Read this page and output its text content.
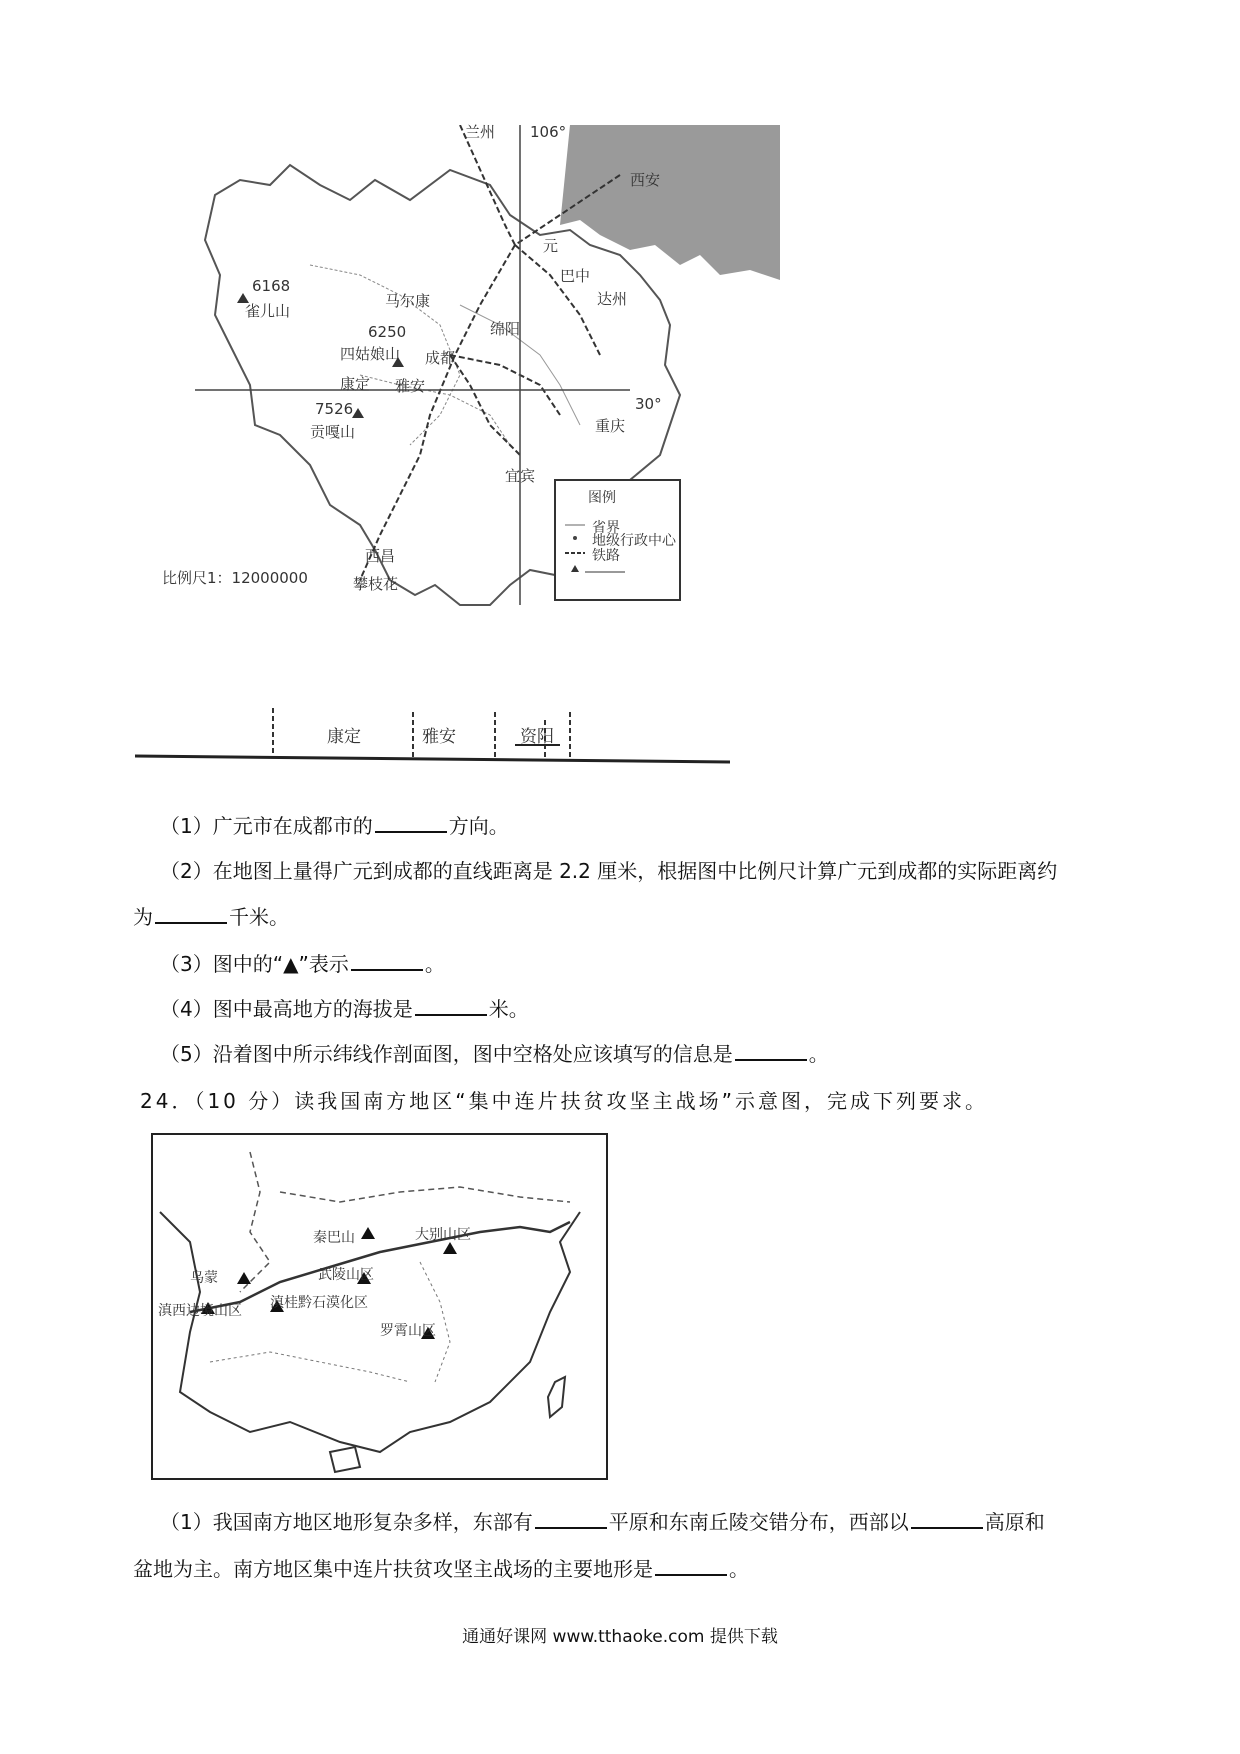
兰州 106°
西安
6168
雀儿山
马尔康
6250
四姑娘山 成都
康定 雅安
7526
贡嘎山
30°
重庆
西昌
攀枝花
元
巴中
达州
绵阳
宜宾
比例尺1：12000000
图例
省界
地级行政中心
铁路
康定	雅安	资阳
（1）广元市在成都市的	方向。
（2）在地图上量得广元到成都的直线距离是 2.2 厘米，根据图中比例尺计算广元到成都的实际距离约
为	千米。
（3）图中的“▲”表示	。
（4）图中最高地方的海拔是	米。
（5）沿着图中所示纬线作剖面图，图中空格处应该填写的信息是	。
24．（10 分）读我国南方地区“集中连片扶贫攻坚主战场”示意图，完成下列要求。
秦巴山	大别山区
武陵山区
乌蒙
滇桂黔石漠化区
滇西边境山区
罗霄山区
（1）我国南方地区地形复杂多样，东部有	平原和东南丘陵交错分布，西部以	高原和
盆地为主。南方地区集中连片扶贫攻坚主战场的主要地形是	。
通通好课网 www.tthaoke.com 提供下载
